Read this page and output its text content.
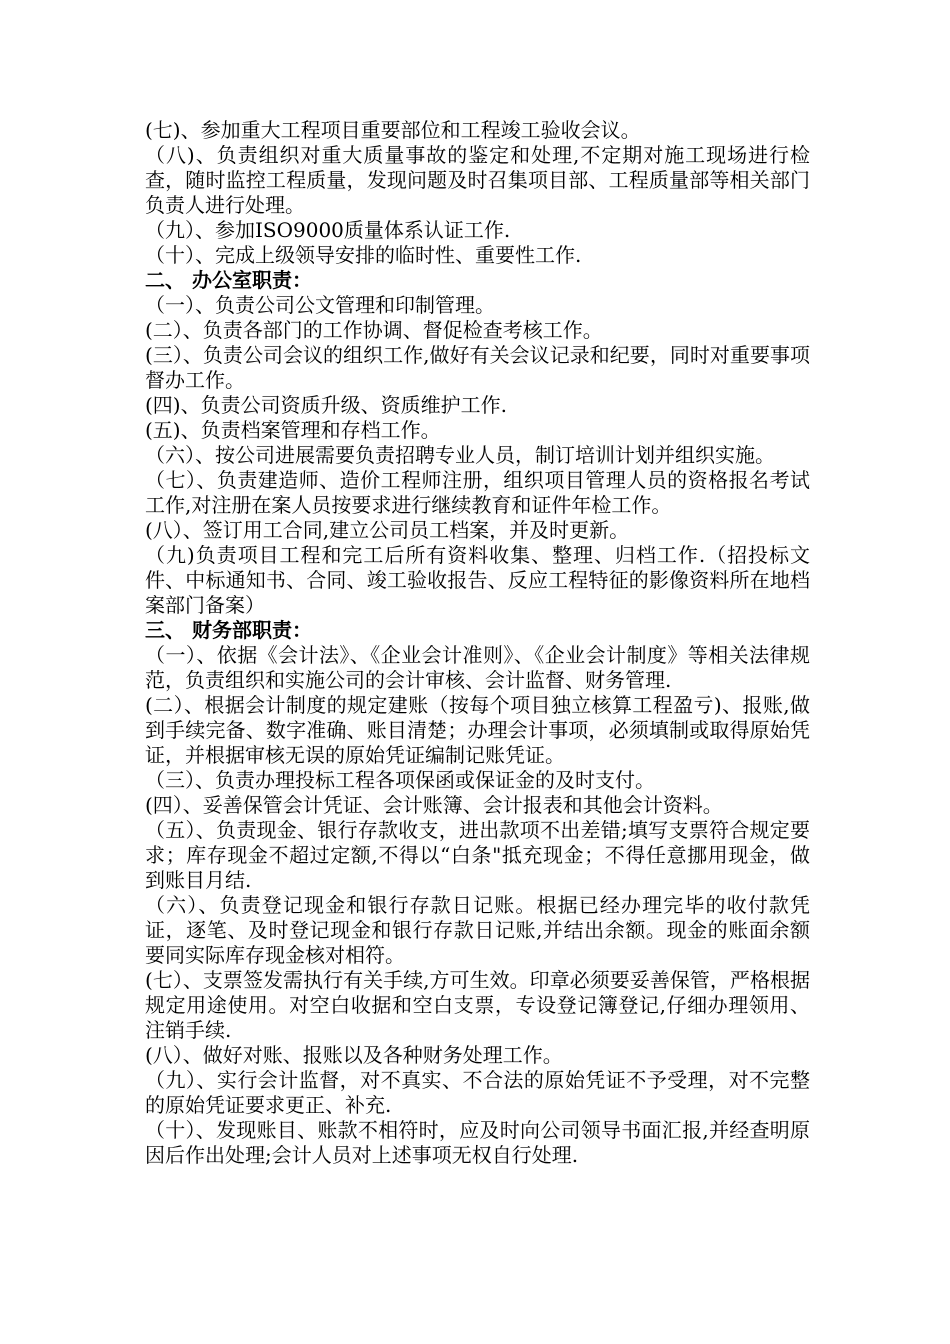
(七)、参加重大工程项目重要部位和工程竣工验收会议。

（八)、负责组织对重大质量事故的鉴定和处理,不定期对施工现场进行检查，随时监控工程质量，发现问题及时召集项目部、工程质量部等相关部门负责人进行处理。

（九）、参加ISO9000质量体系认证工作.

（十）、完成上级领导安排的临时性、重要性工作.

二、 办公室职责：

（一）、负责公司公文管理和印制管理。

(二）、负责各部门的工作协调、督促检查考核工作。

(三）、负责公司会议的组织工作,做好有关会议记录和纪要，同时对重要事项督办工作。

(四)、负责公司资质升级、资质维护工作.

(五)、负责档案管理和存档工作。

（六）、按公司进展需要负责招聘专业人员，制订培训计划并组织实施。

（七）、负责建造师、造价工程师注册，组织项目管理人员的资格报名考试工作,对注册在案人员按要求进行继续教育和证件年检工作。

(八）、签订用工合同,建立公司员工档案，并及时更新。

（九)负责项目工程和完工后所有资料收集、整理、归档工作.（招投标文件、中标通知书、合同、竣工验收报告、反应工程特征的影像资料所在地档案部门备案）

三、 财务部职责：

（一）、依据《会计法》、《企业会计准则》、《企业会计制度》等相关法律规范，负责组织和实施公司的会计审核、会计监督、财务管理.

(二）、根据会计制度的规定建账（按每个项目独立核算工程盈亏)、报账,做到手续完备、数字准确、账目清楚；办理会计事项，必须填制或取得原始凭证，并根据审核无误的原始凭证编制记账凭证。

（三）、负责办理投标工程各项保函或保证金的及时支付。

(四）、妥善保管会计凭证、会计账簿、会计报表和其他会计资料。

（五）、负责现金、银行存款收支，进出款项不出差错;填写支票符合规定要求；库存现金不超过定额,不得以“白条"抵充现金；不得任意挪用现金，做到账目月结.

（六）、负责登记现金和银行存款日记账。根据已经办理完毕的收付款凭证，逐笔、及时登记现金和银行存款日记账,并结出余额。现金的账面余额要同实际库存现金核对相符。

(七）、支票签发需执行有关手续,方可生效。印章必须要妥善保管，严格根据规定用途使用。对空白收据和空白支票，专设登记簿登记,仔细办理领用、注销手续.

(八）、做好对账、报账以及各种财务处理工作。

（九）、实行会计监督，对不真实、不合法的原始凭证不予受理，对不完整的原始凭证要求更正、补充.

（十）、发现账目、账款不相符时，应及时向公司领导书面汇报,并经查明原因后作出处理;会计人员对上述事项无权自行处理.
